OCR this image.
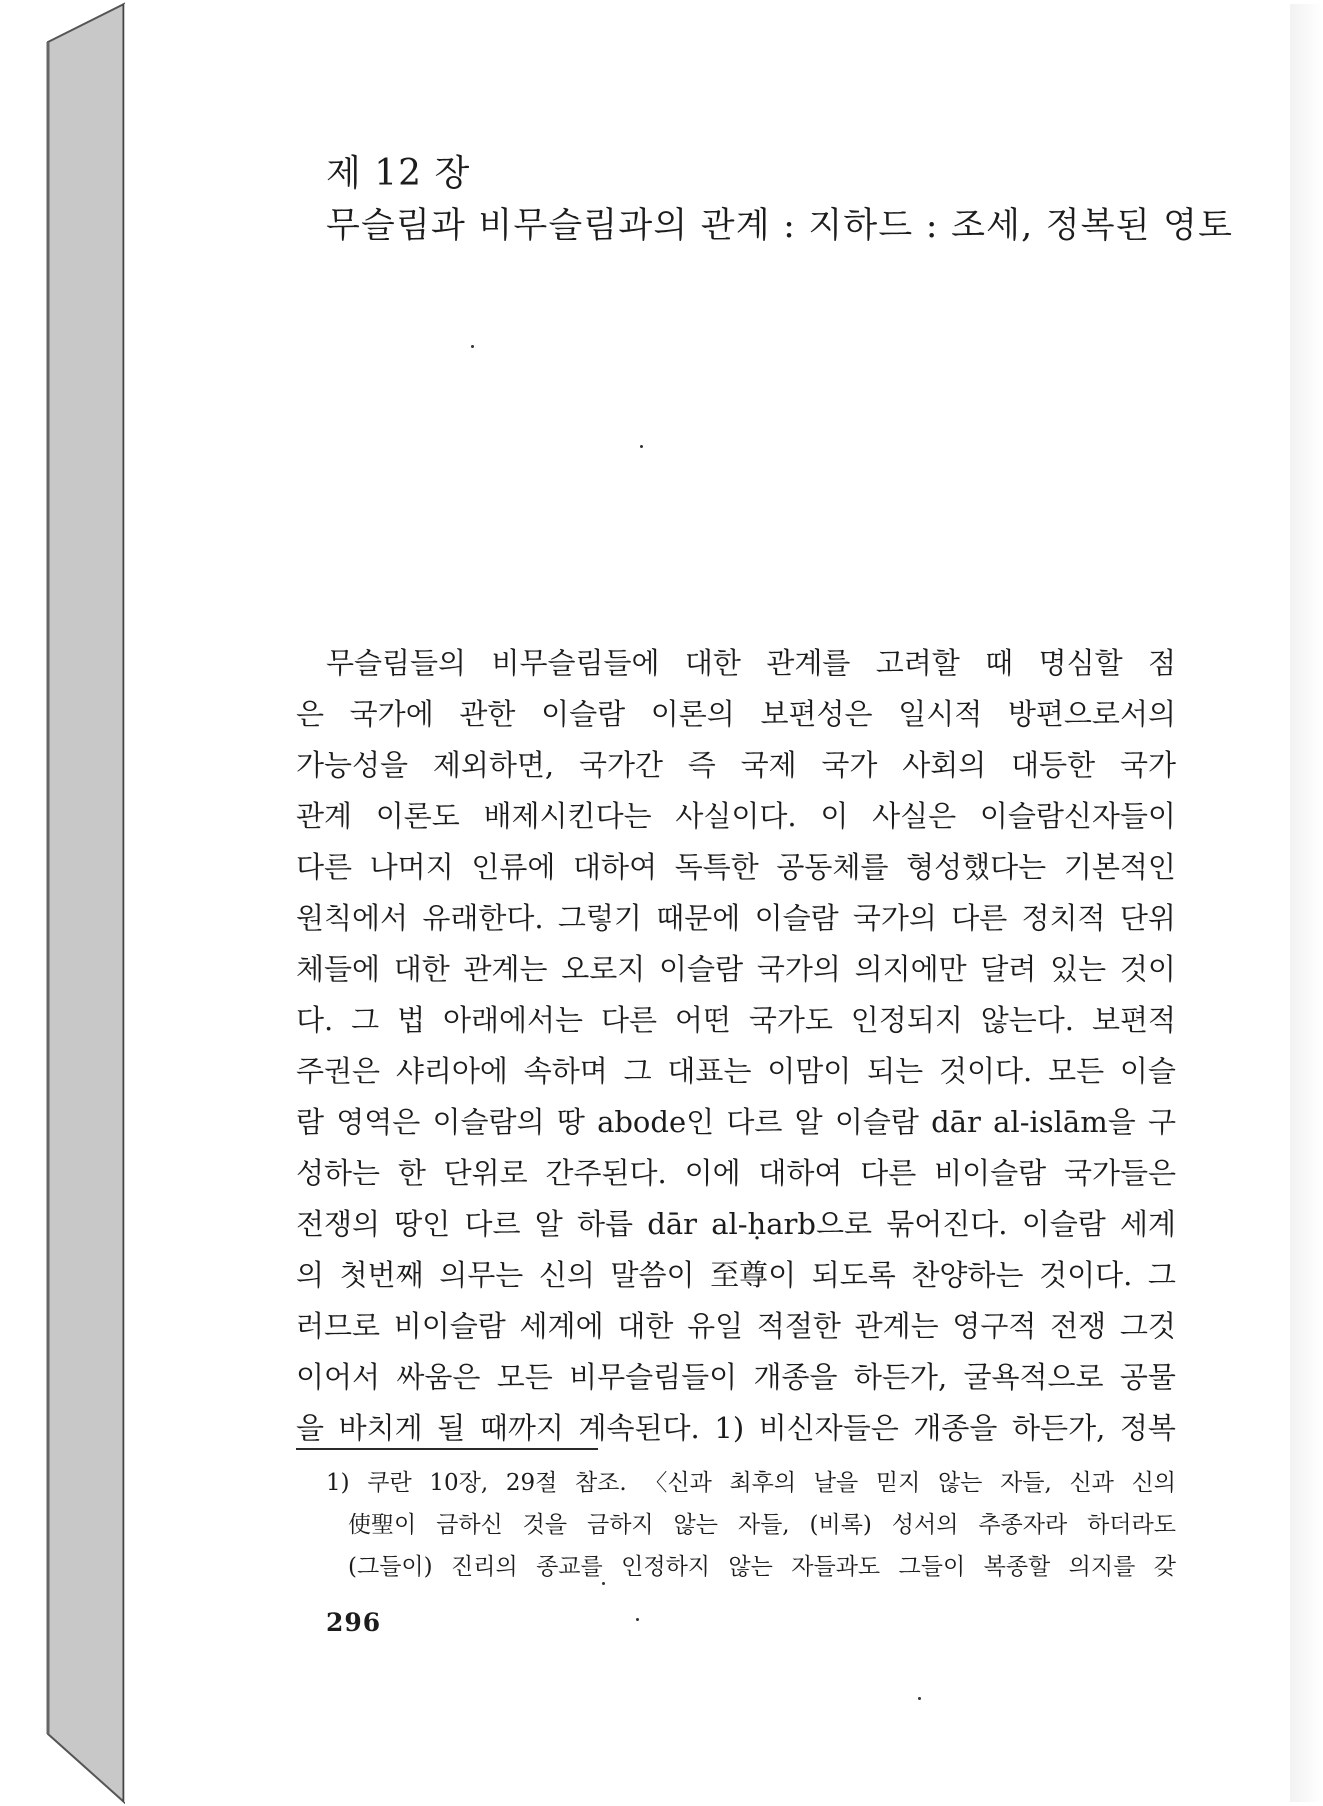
제 12 장
무슬림과 비무슬림과의 관계 : 지하드 : 조세, 정복된 영토
무슬림들의 비무슬림들에 대한 관계를 고려할 때 명심할 점
은 국가에 관한 이슬람 이론의 보편성은 일시적 방편으로서의
가능성을 제외하면, 국가간 즉 국제 국가 사회의 대등한 국가
관계 이론도 배제시킨다는 사실이다. 이 사실은 이슬람신자들이
다른 나머지 인류에 대하여 독특한 공동체를 형성했다는 기본적인
원칙에서 유래한다. 그렇기 때문에 이슬람 국가의 다른 정치적 단위
체들에 대한 관계는 오로지 이슬람 국가의 의지에만 달려 있는 것이
다. 그 법 아래에서는 다른 어떤 국가도 인정되지 않는다. 보편적
주권은 샤리아에 속하며 그 대표는 이맘이 되는 것이다. 모든 이슬
람 영역은 이슬람의 땅 abode인 다르 알 이슬람 dār al-islām을 구
성하는 한 단위로 간주된다. 이에 대하여 다른 비이슬람 국가들은
전쟁의 땅인 다르 알 하릅 dār al-ḥarb으로 묶어진다. 이슬람 세계
의 첫번째 의무는 신의 말씀이 至尊이 되도록 찬양하는 것이다. 그
러므로 비이슬람 세계에 대한 유일 적절한 관계는 영구적 전쟁 그것
이어서 싸움은 모든 비무슬림들이 개종을 하든가, 굴욕적으로 공물
을 바치게 될 때까지 계속된다. 1) 비신자들은 개종을 하든가, 정복
1) 쿠란 10장, 29절 참조. 〈신과 최후의 날을 믿지 않는 자들, 신과 신의
使聖이 금하신 것을 금하지 않는 자들, (비록) 성서의 추종자라 하더라도
(그들이) 진리의 종교를 인정하지 않는 자들과도 그들이 복종할 의지를 갖
296
